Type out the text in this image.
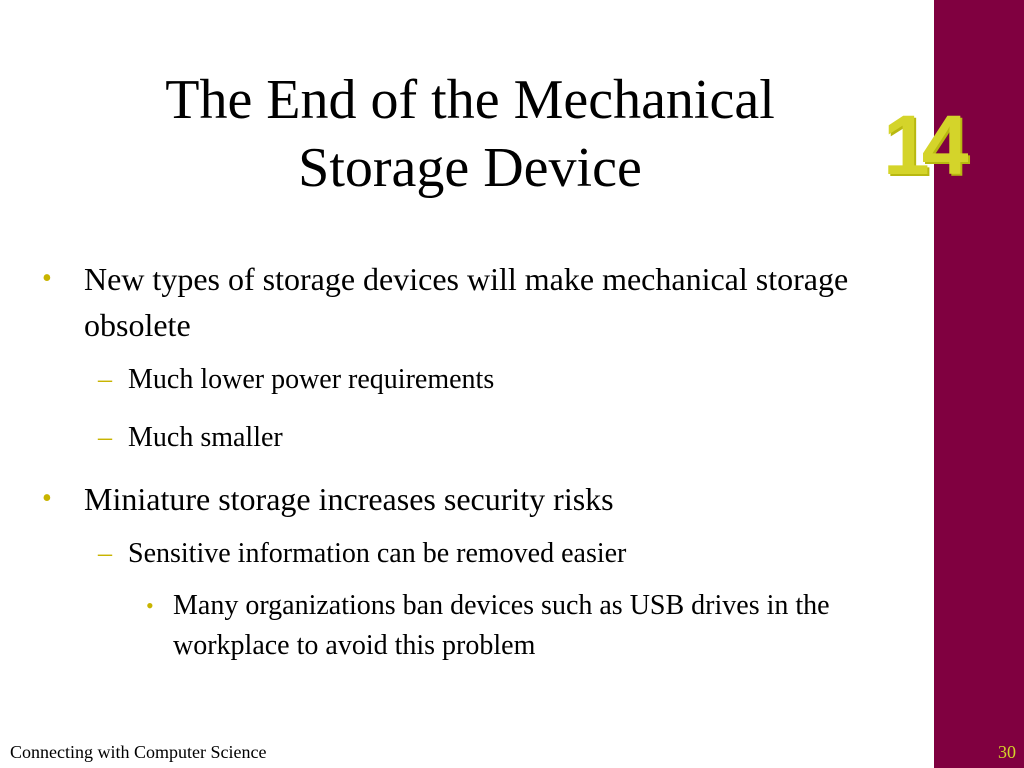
14
The End of the Mechanical
Storage Device
• New types of storage devices will make mechanical storage obsolete
– Much lower power requirements
– Much smaller
• Miniature storage increases security risks
– Sensitive information can be removed easier
• Many organizations ban devices such as USB drives in the workplace to avoid this problem
Connecting with Computer Science	30
